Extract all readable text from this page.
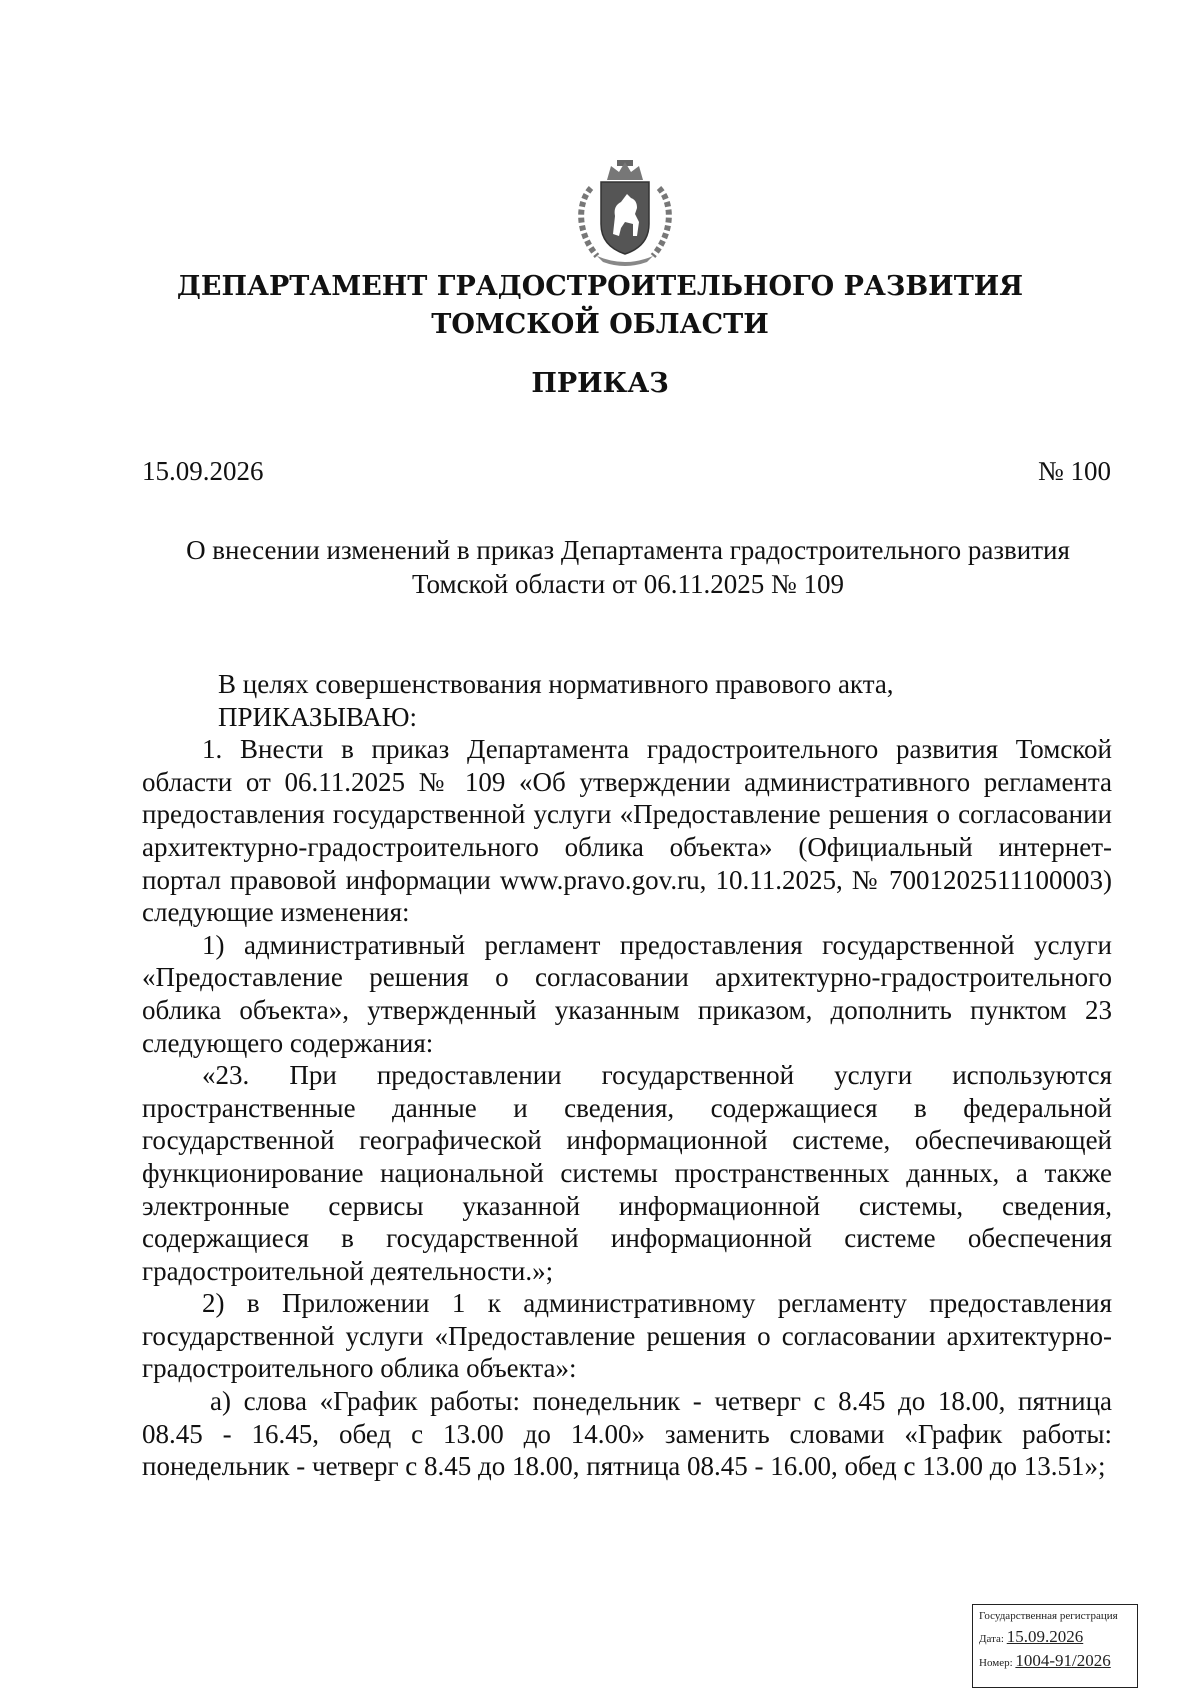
ДЕПАРТАМЕНТ ГРАДОСТРОИТЕЛЬНОГО РАЗВИТИЯ
ТОМСКОЙ ОБЛАСТИ
ПРИКАЗ
15.09.2026	№ 100
О внесении изменений в приказ Департамента градостроительного развития
Томской области от 06.11.2025 № 109

В целях совершенствования нормативного правового акта,

ПРИКАЗЫВАЮ:

1. Внести в приказ Департамента градостроительного развития Томской области от 06.11.2025 № 109 «Об утверждении административного регламента предоставления государственной услуги «Предоставление решения о согласовании архитектурно-градостроительного облика объекта» (Официальный интернет-портал правовой информации www.pravo.gov.ru, 10.11.2025, № 7001202511100003) следующие изменения:

1) административный регламент предоставления государственной услуги «Предоставление решения о согласовании архитектурно-градостроительного облика объекта», утвержденный указанным приказом, дополнить пунктом 23 следующего содержания:

«23. При предоставлении государственной услуги используются пространственные данные и сведения, содержащиеся в федеральной государственной географической информационной системе, обеспечивающей функционирование национальной системы пространственных данных, а также электронные сервисы указанной информационной системы, сведения, содержащиеся в государственной информационной системе обеспечения градостроительной деятельности.»;

2) в Приложении 1 к административному регламенту предоставления государственной услуги «Предоставление решения о согласовании архитектурно-градостроительного облика объекта»:

а) слова «График работы: понедельник - четверг с 8.45 до 18.00, пятница 08.45 - 16.45, обед с 13.00 до 14.00» заменить словами «График работы: понедельник - четверг с 8.45 до 18.00, пятница 08.45 - 16.00, обед с 13.00 до 13.51»;

Государственная регистрация
Дата: 15.09.2026
Номер: 1004-91/2026
